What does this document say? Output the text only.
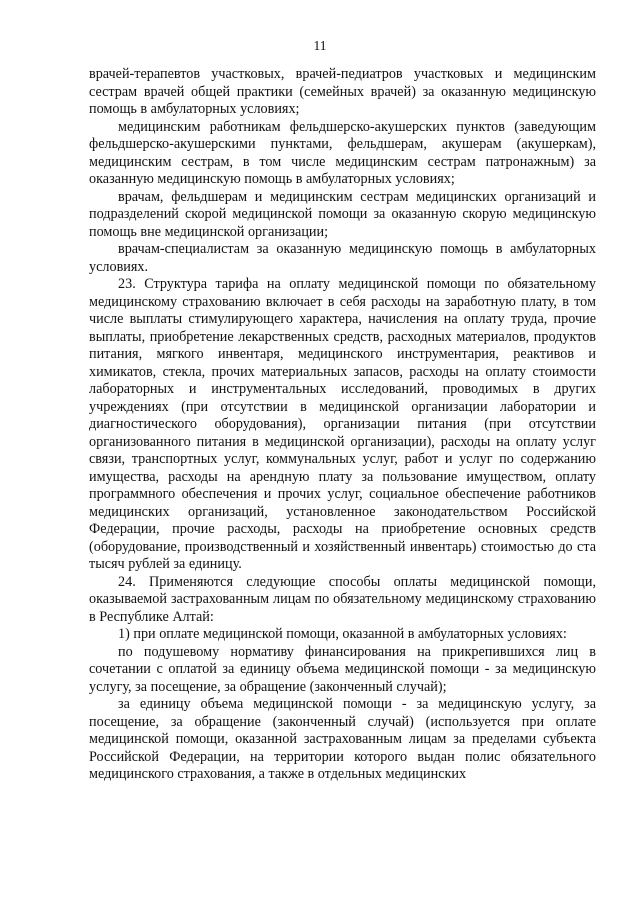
11

врачей-терапевтов участковых, врачей-педиатров участковых и медицинским сестрам врачей общей практики (семейных врачей) за оказанную медицинскую помощь в амбулаторных условиях;

медицинским работникам фельдшерско-акушерских пунктов (заведующим фельдшерско-акушерскими пунктами, фельдшерам, акушерам (акушеркам), медицинским сестрам, в том числе медицинским сестрам патронажным) за оказанную медицинскую помощь в амбулаторных условиях;

врачам, фельдшерам и медицинским сестрам медицинских организаций и подразделений скорой медицинской помощи за оказанную скорую медицинскую помощь вне медицинской организации;

врачам-специалистам за оказанную медицинскую помощь в амбулаторных условиях.

23. Структура тарифа на оплату медицинской помощи по обязательному медицинскому страхованию включает в себя расходы на заработную плату, в том числе выплаты стимулирующего характера, начисления на оплату труда, прочие выплаты, приобретение лекарственных средств, расходных материалов, продуктов питания, мягкого инвентаря, медицинского инструментария, реактивов и химикатов, стекла, прочих материальных запасов, расходы на оплату стоимости лабораторных и инструментальных исследований, проводимых в других учреждениях (при отсутствии в медицинской организации лаборатории и диагностического оборудования), организации питания (при отсутствии организованного питания в медицинской организации), расходы на оплату услуг связи, транспортных услуг, коммунальных услуг, работ и услуг по содержанию имущества, расходы на арендную плату за пользование имуществом, оплату программного обеспечения и прочих услуг, социальное обеспечение работников медицинских организаций, установленное законодательством Российской Федерации, прочие расходы, расходы на приобретение основных средств (оборудование, производственный и хозяйственный инвентарь) стоимостью до ста тысяч рублей за единицу.

24. Применяются следующие способы оплаты медицинской помощи, оказываемой застрахованным лицам по обязательному медицинскому страхованию в Республике Алтай:

1) при оплате медицинской помощи, оказанной в амбулаторных условиях:

по подушевому нормативу финансирования на прикрепившихся лиц в сочетании с оплатой за единицу объема медицинской помощи - за медицинскую услугу, за посещение, за обращение (законченный случай);

за единицу объема медицинской помощи - за медицинскую услугу, за посещение, за обращение (законченный случай) (используется при оплате медицинской помощи, оказанной застрахованным лицам за пределами субъекта Российской Федерации, на территории которого выдан полис обязательного медицинского страхования, а также в отдельных медицинских
